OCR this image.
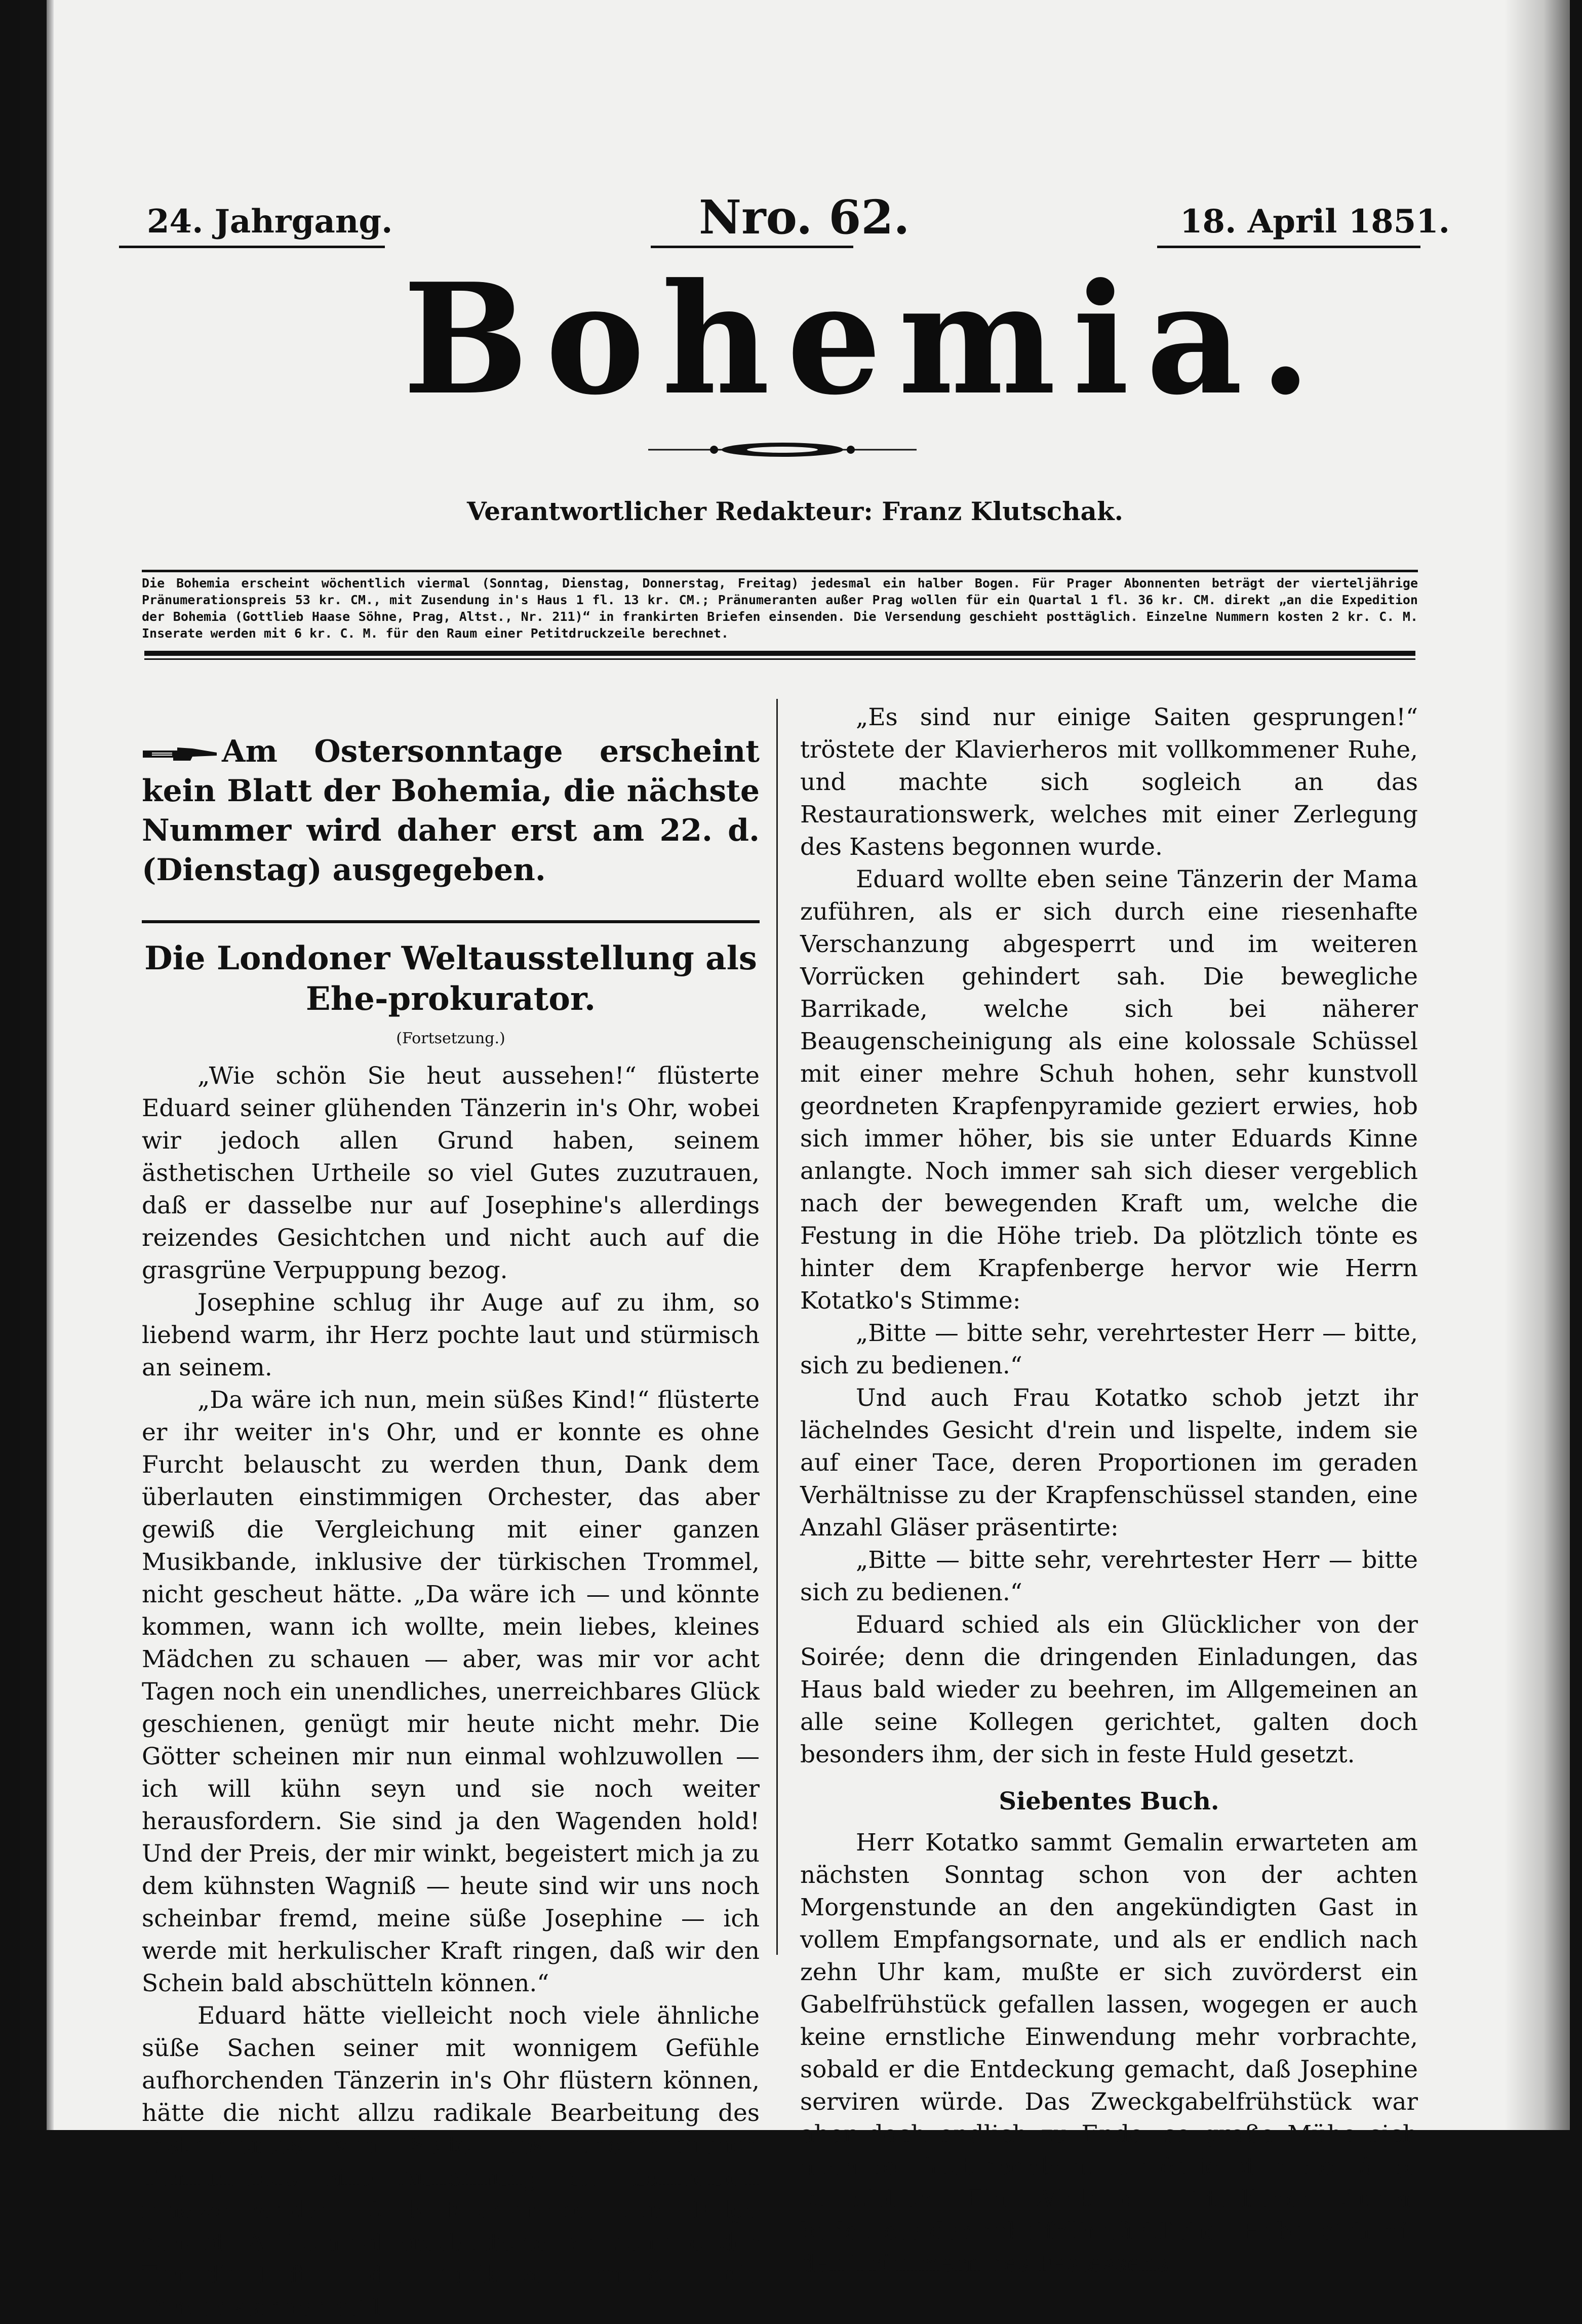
24. Jahrgang.	Nro. 62.	18. April 1851.
Bohemia.
Verantwortlicher Redakteur: Franz Klutschak.
Die Bohemia erscheint wöchentlich viermal (Sonntag, Dienstag, Donnerstag, Freitag) jedesmal ein halber Bogen. Für Prager Abonnenten beträgt der vierteljährige Pränumerationspreis 53 kr. CM., mit Zusendung in's Haus 1 fl. 13 kr. CM.; Pränumeranten außer Prag wollen für ein Quartal 1 fl. 36 kr. CM. direkt „an die Expedition der Bohemia (Gottlieb Haase Söhne, Prag, Altst., Nr. 211)“ in frankirten Briefen einsenden. Die Versendung geschieht posttäglich. Einzelne Nummern kosten 2 kr. C. M. Inserate werden mit 6 kr. C. M. für den Raum einer Petitdruckzeile berechnet.

Am Ostersonntage erscheint kein Blatt der Bohemia, die nächste Nummer wird daher erst am 22. d. (Dienstag) ausgegeben.

Die Londoner Weltausstellung als Ehe-prokurator.

(Fortsetzung.)

„Wie schön Sie heut aussehen!“ flüsterte Eduard seiner glühenden Tänzerin in's Ohr, wobei wir jedoch allen Grund haben, seinem ästhetischen Urtheile so viel Gutes zuzutrauen, daß er dasselbe nur auf Josephine's allerdings reizendes Gesichtchen und nicht auch auf die grasgrüne Verpuppung bezog.

Josephine schlug ihr Auge auf zu ihm, so liebend warm, ihr Herz pochte laut und stürmisch an seinem.

„Da wäre ich nun, mein süßes Kind!“ flüsterte er ihr weiter in's Ohr, und er konnte es ohne Furcht belauscht zu werden thun, Dank dem überlauten einstimmigen Orchester, das aber gewiß die Vergleichung mit einer ganzen Musikbande, inklusive der türkischen Trommel, nicht gescheut hätte. „Da wäre ich — und könnte kommen, wann ich wollte, mein liebes, kleines Mädchen zu schauen — aber, was mir vor acht Tagen noch ein unendliches, unerreichbares Glück geschienen, genügt mir heute nicht mehr. Die Götter scheinen mir nun einmal wohlzuwollen — ich will kühn seyn und sie noch weiter herausfordern. Sie sind ja den Wagenden hold! Und der Preis, der mir winkt, begeistert mich ja zu dem kühnsten Wagniß — heute sind wir uns noch scheinbar fremd, meine süße Josephine — ich werde mit herkulischer Kraft ringen, daß wir den Schein bald abschütteln können.“

Eduard hätte vielleicht noch viele ähnliche süße Sachen seiner mit wonnigem Gefühle aufhorchenden Tänzerin in's Ohr flüstern können, hätte die nicht allzu radikale Bearbeitung des Instrumentes von Seite des unermüdlichen Tonkünstlers eine Auflehnung des demselben innewohnenden Stabilitätsprincips zur Folge gehabt. Auf einmal erschütterte ein schrillender Ton die Luft — die Musik verstummte — die Tänzer standen still.

„Es sind nur einige Saiten gesprungen!“ tröstete der Klavierheros mit vollkommener Ruhe, und machte sich sogleich an das Restaurationswerk, welches mit einer Zerlegung des Kastens begonnen wurde.

Eduard wollte eben seine Tänzerin der Mama zuführen, als er sich durch eine riesenhafte Verschanzung abgesperrt und im weiteren Vorrücken gehindert sah. Die bewegliche Barrikade, welche sich bei näherer Beaugenscheinigung als eine kolossale Schüssel mit einer mehre Schuh hohen, sehr kunstvoll geordneten Krapfenpyramide geziert erwies, hob sich immer höher, bis sie unter Eduards Kinne anlangte. Noch immer sah sich dieser vergeblich nach der bewegenden Kraft um, welche die Festung in die Höhe trieb. Da plötzlich tönte es hinter dem Krapfenberge hervor wie Herrn Kotatko's Stimme:

„Bitte — bitte sehr, verehrtester Herr — bitte, sich zu bedienen.“

Und auch Frau Kotatko schob jetzt ihr lächelndes Gesicht d'rein und lispelte, indem sie auf einer Tace, deren Proportionen im geraden Verhältnisse zu der Krapfenschüssel standen, eine Anzahl Gläser präsentirte:

„Bitte — bitte sehr, verehrtester Herr — bitte sich zu bedienen.“

Eduard schied als ein Glücklicher von der Soirée; denn die dringenden Einladungen, das Haus bald wieder zu beehren, im Allgemeinen an alle seine Kollegen gerichtet, galten doch besonders ihm, der sich in feste Huld gesetzt.

Siebentes Buch.

Herr Kotatko sammt Gemalin erwarteten am nächsten Sonntag schon von der achten Morgenstunde an den angekündigten Gast in vollem Empfangsornate, und als er endlich nach zehn Uhr kam, mußte er sich zuvörderst ein Gabelfrühstück gefallen lassen, wogegen er auch keine ernstliche Einwendung mehr vorbrachte, sobald er die Entdeckung gemacht, daß Josephine serviren würde. Das Zweckgabelfrühstück war aber doch endlich zu Ende, so große Mühe sich auch der Gast gegeben, es möglichst in die Länge zu ziehen. Ein Wink der älterlichen Augen bedeutete der gabelfrühstücklichen Hebe, sich mit den Trümmern des Festessens
